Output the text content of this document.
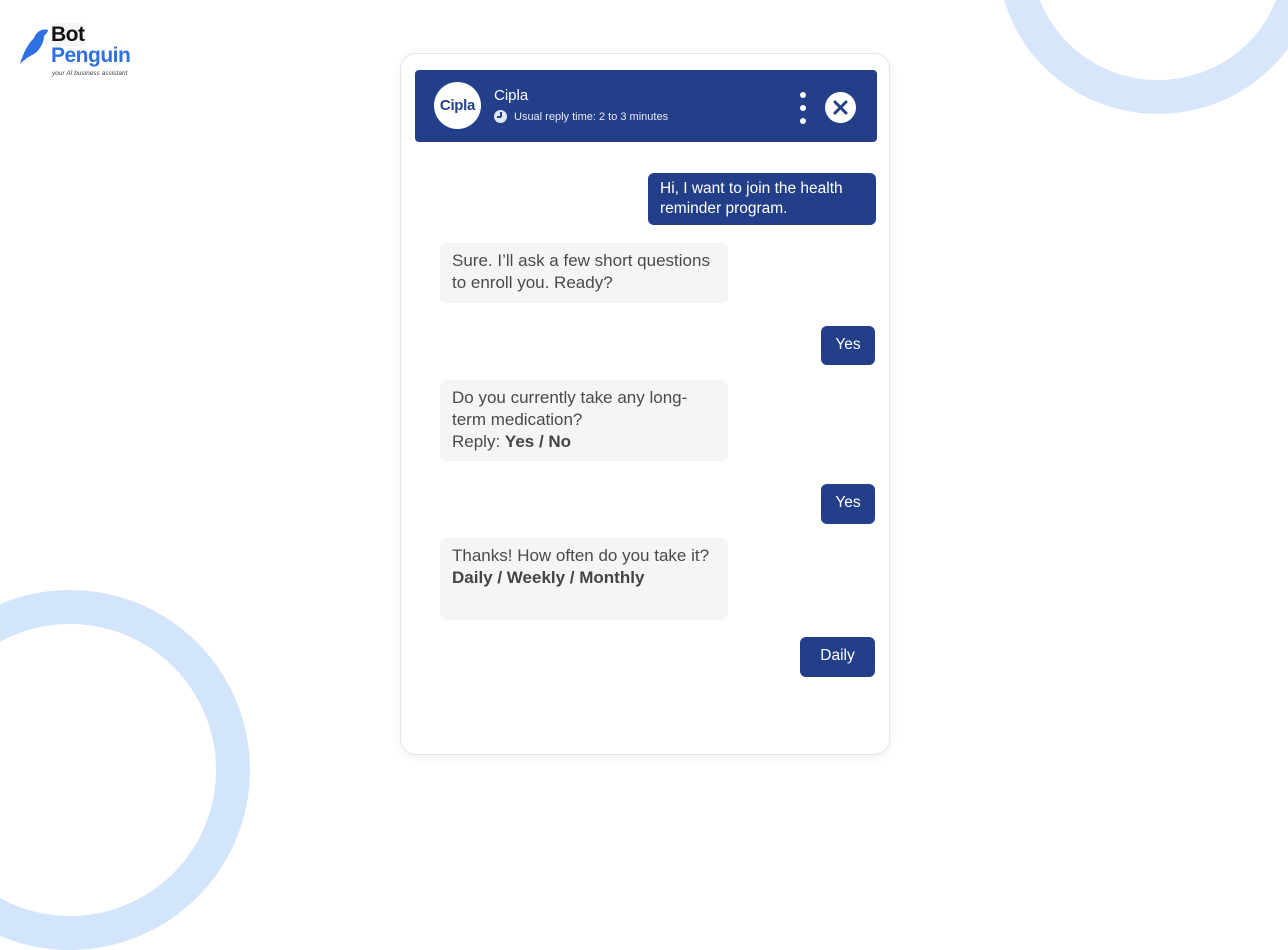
Bot
Penguin
your AI business assistant
Cipla
Cipla
Usual reply time: 2 to 3 minutes
Hi, I want to join the health reminder program.
Sure. I’ll ask a few short questions to enroll you. Ready?
Yes
Do you currently take any long-term medication?
Reply: Yes / No
Yes
Thanks! How often do you take it?
Daily / Weekly / Monthly
Daily
